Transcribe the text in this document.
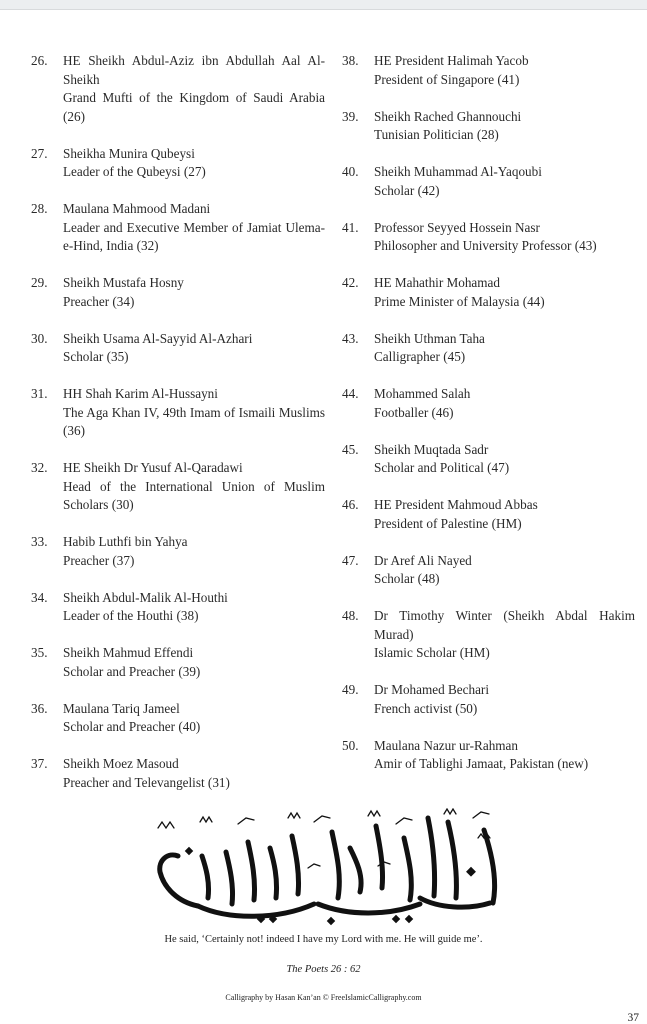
26. HE Sheikh Abdul-Aziz ibn Abdullah Aal Al-Sheikh
Grand Mufti of the Kingdom of Saudi Arabia (26)
27. Sheikha Munira Qubeysi
Leader of the Qubeysi (27)
28. Maulana Mahmood Madani
Leader and Executive Member of Jamiat Ulema-e-Hind, India (32)
29. Sheikh Mustafa Hosny
Preacher (34)
30. Sheikh Usama Al-Sayyid Al-Azhari
Scholar (35)
31. HH Shah Karim Al-Hussayni
The Aga Khan IV, 49th Imam of Ismaili Muslims (36)
32. HE Sheikh Dr Yusuf Al-Qaradawi
Head of the International Union of Muslim Scholars (30)
33. Habib Luthfi bin Yahya
Preacher (37)
34. Sheikh Abdul-Malik Al-Houthi
Leader of the Houthi (38)
35. Sheikh Mahmud Effendi
Scholar and Preacher (39)
36. Maulana Tariq Jameel
Scholar and Preacher (40)
37. Sheikh Moez Masoud
Preacher and Televangelist (31)
38. HE President Halimah Yacob
President of Singapore (41)
39. Sheikh Rached Ghannouchi
Tunisian Politician (28)
40. Sheikh Muhammad Al-Yaqoubi
Scholar (42)
41. Professor Seyyed Hossein Nasr
Philosopher and University Professor (43)
42. HE Mahathir Mohamad
Prime Minister of Malaysia (44)
43. Sheikh Uthman Taha
Calligrapher (45)
44. Mohammed Salah
Footballer (46)
45. Sheikh Muqtada Sadr
Scholar and Political (47)
46. HE President Mahmoud Abbas
President of Palestine (HM)
47. Dr Aref Ali Nayed
Scholar (48)
48. Dr Timothy Winter (Sheikh Abdal Hakim Murad)
Islamic Scholar (HM)
49. Dr Mohamed Bechari
French activist (50)
50. Maulana Nazur ur-Rahman
Amir of Tablighi Jamaat, Pakistan (new)
He said, ‘Certainly not! indeed I have my Lord with me. He will guide me’.
The Poets 26 : 62
Calligraphy by Hasan Kan’an © FreeIslamicCalligraphy.com
37
